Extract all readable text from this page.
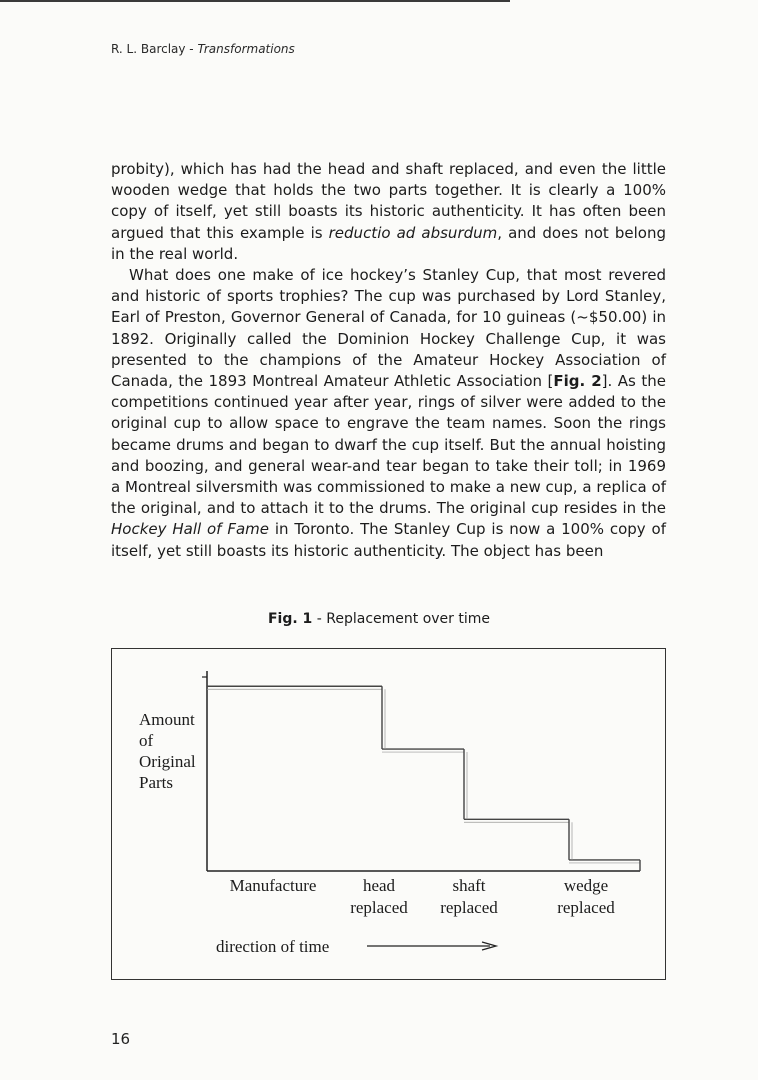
R. L. Barclay - Transformations

probity), which has had the head and shaft replaced, and even the little wooden wedge that holds the two parts together. It is clearly a 100% copy of itself, yet still boasts its historic authenticity. It has often been argued that this example is reductio ad absurdum, and does not belong in the real world.

What does one make of ice hockey’s Stanley Cup, that most revered and historic of sports trophies? The cup was purchased by Lord Stanley, Earl of Preston, Governor General of Canada, for 10 guineas (~$50.00) in 1892. Originally called the Dominion Hockey Challenge Cup, it was presented to the champions of the Amateur Hockey Association of Canada, the 1893 Montreal Amateur Athletic Association [Fig. 2]. As the competitions continued year after year, rings of silver were added to the original cup to allow space to engrave the team names. Soon the rings became drums and began to dwarf the cup itself. But the annual hoisting and boozing, and general wear-and tear began to take their toll; in 1969 a Montreal silversmith was commissioned to make a new cup, a replica of the original, and to attach it to the drums. The original cup resides in the Hockey Hall of Fame in Toronto. The Stanley Cup is now a 100% copy of itself, yet still boasts its historic authenticity. The object has been

Fig. 1 - Replacement over time
Amount
of
Original
Parts
Manufacture	head
replaced
shaft
replaced
wedge
replaced
direction of time
16
